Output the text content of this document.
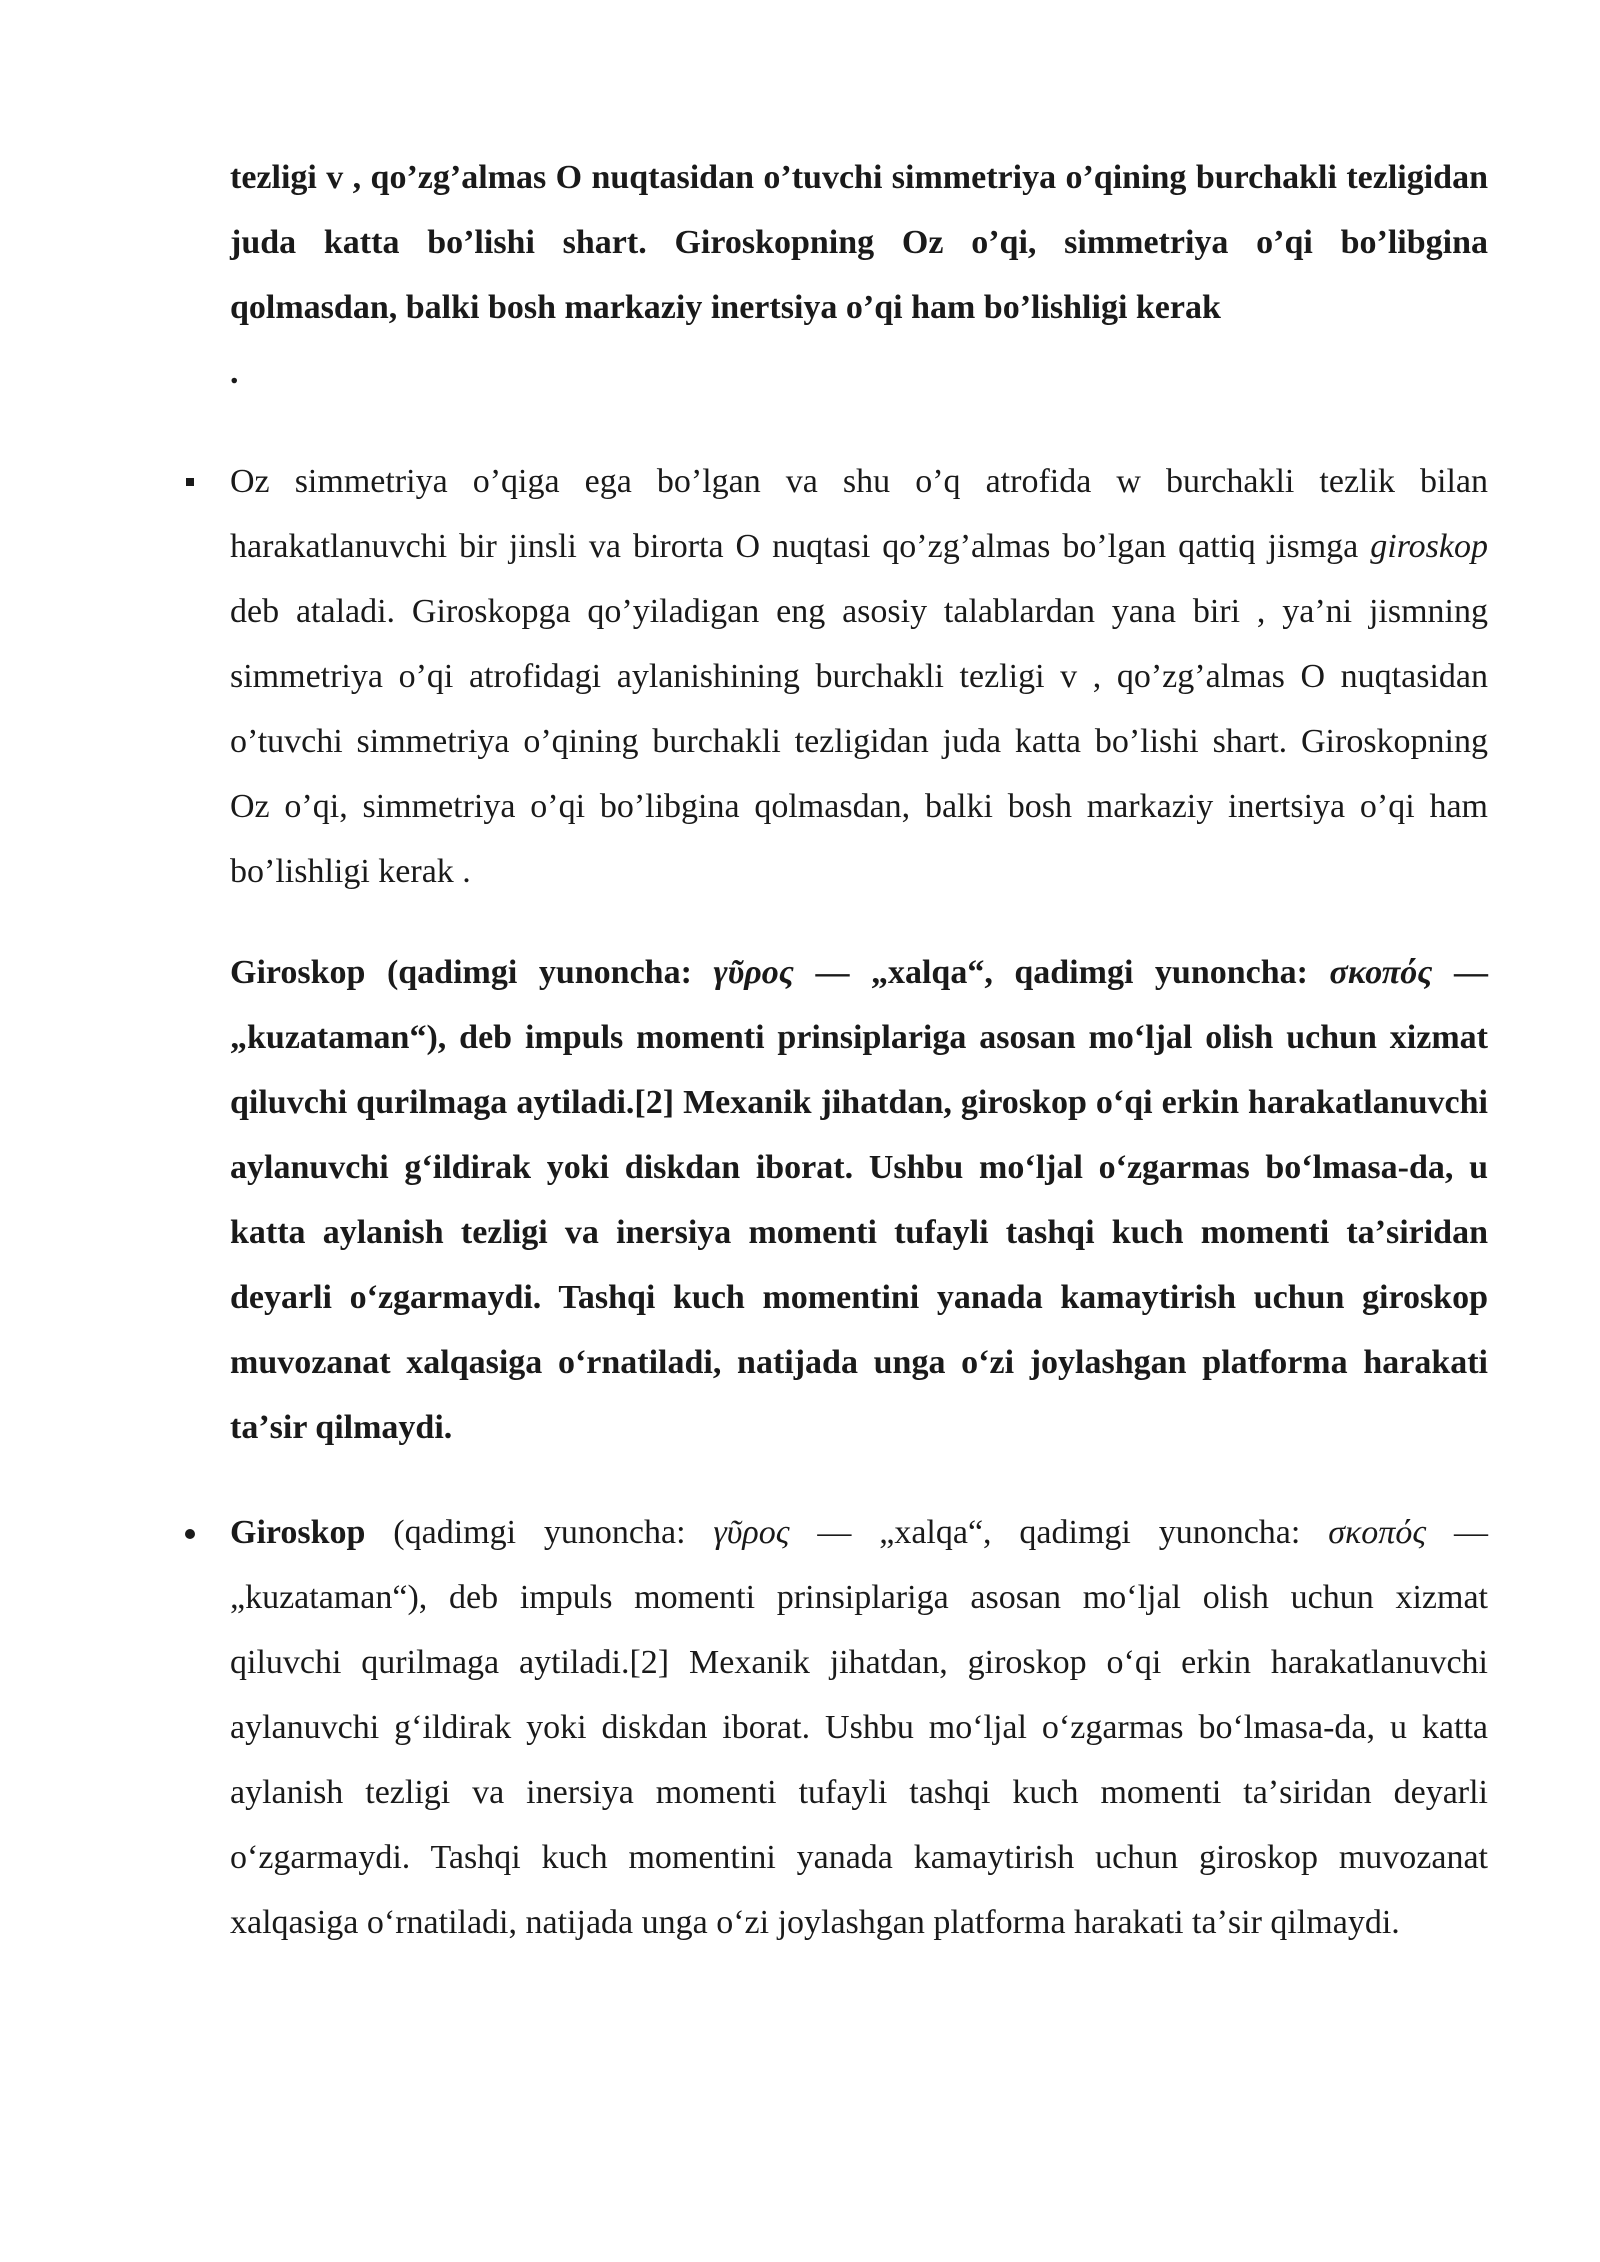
tezligi v , qo’zg’almas O nuqtasidan o’tuvchi simmetriya o’qining burchakli tezligidan juda katta bo’lishi shart. Giroskopning Oz o’qi, simmetriya o’qi bo’libgina qolmasdan, balki bosh markaziy inertsiya o’qi ham bo’lishligi kerak

.

Oz simmetriya o’qiga ega bo’lgan va shu o’q atrofida w burchakli tezlik bilan harakatlanuvchi bir jinsli va birorta O nuqtasi qo’zg’almas bo’lgan qattiq jismga giroskop deb ataladi. Giroskopga qo’yiladigan eng asosiy talablardan yana biri , ya’ni jismning simmetriya o’qi atrofidagi aylanishining burchakli tezligi v , qo’zg’almas O nuqtasidan o’tuvchi simmetriya o’qining burchakli tezligidan juda katta bo’lishi shart. Giroskopning Oz o’qi, simmetriya o’qi bo’libgina qolmasdan, balki bosh markaziy inertsiya o’qi ham bo’lishligi kerak .

Giroskop (qadimgi yunoncha: γῦρος — „xalqa“, qadimgi yunoncha: σκοπός — „kuzataman“), deb impuls momenti prinsiplariga asosan moʻljal olish uchun xizmat qiluvchi qurilmaga aytiladi.[2] Mexanik jihatdan, giroskop oʻqi erkin harakatlanuvchi aylanuvchi gʻildirak yoki diskdan iborat. Ushbu moʻljal oʻzgarmas boʻlmasa-da, u katta aylanish tezligi va inersiya momenti tufayli tashqi kuch momenti taʼsiridan deyarli oʻzgarmaydi. Tashqi kuch momentini yanada kamaytirish uchun giroskop muvozanat xalqasiga oʻrnatiladi, natijada unga oʻzi joylashgan platforma harakati taʼsir qilmaydi.

Giroskop (qadimgi yunoncha: γῦρος — „xalqa“, qadimgi yunoncha: σκοπός — „kuzataman“), deb impuls momenti prinsiplariga asosan moʻljal olish uchun xizmat qiluvchi qurilmaga aytiladi.[2] Mexanik jihatdan, giroskop oʻqi erkin harakatlanuvchi aylanuvchi gʻildirak yoki diskdan iborat. Ushbu moʻljal oʻzgarmas boʻlmasa-da, u katta aylanish tezligi va inersiya momenti tufayli tashqi kuch momenti taʼsiridan deyarli oʻzgarmaydi. Tashqi kuch momentini yanada kamaytirish uchun giroskop muvozanat xalqasiga oʻrnatiladi, natijada unga oʻzi joylashgan platforma harakati taʼsir qilmaydi.
